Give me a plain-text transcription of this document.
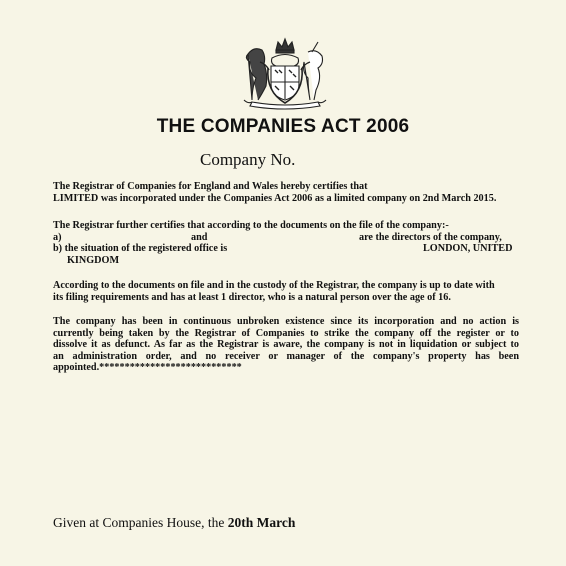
THE COMPANIES ACT 2006
Company No.
The Registrar of Companies for England and Wales hereby certifies that
LIMITED was incorporated under the Companies Act 2006 as a limited company on 2nd March 2015.
The Registrar further certifies that according to the documents on the file of the company:-
a)	and	are the directors of the company,
b) the situation of the registered office is	LONDON, UNITED
KINGDOM
According to the documents on file and in the custody of the Registrar, the company is up to date with
its filing requirements and has at least 1 director, who is a natural person over the age of 16.
The company has been in continuous unbroken existence since its incorporation and no action is
currently being taken by the Registrar of Companies to strike the company off the register or to
dissolve it as defunct. As far as the Registrar is aware, the company is not in liquidation or subject to
an administration order, and no receiver or manager of the company's property has been
appointed.****************************
Given at Companies House, the 20th March
